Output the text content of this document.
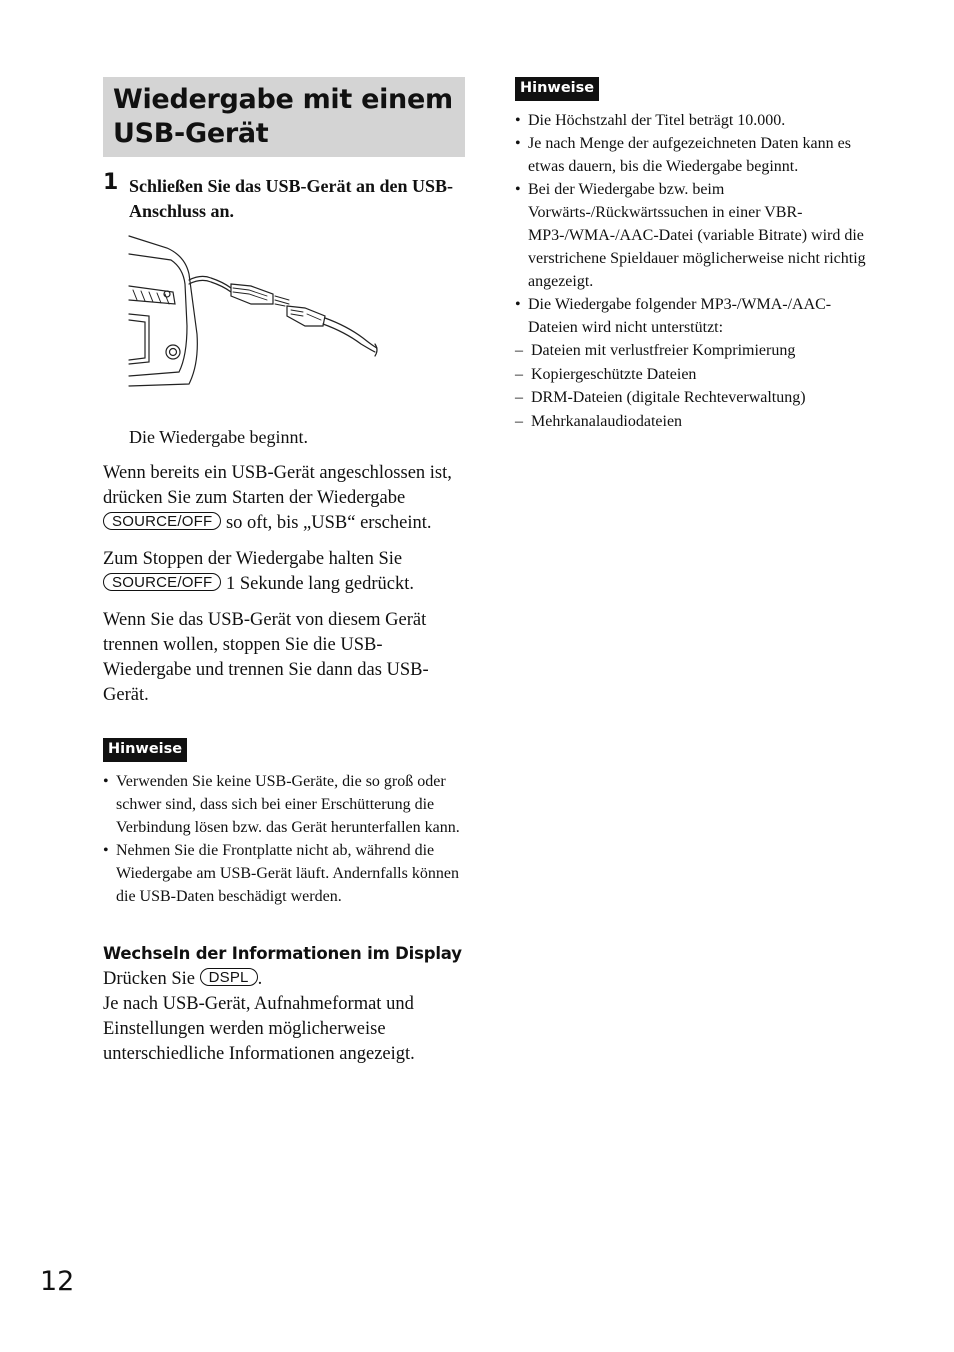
Wiedergabe mit einem USB-Gerät
1 Schließen Sie das USB-Gerät an den USB-Anschluss an.

Die Wiedergabe beginnt.

Wenn bereits ein USB-Gerät angeschlossen ist, drücken Sie zum Starten der Wiedergabe SOURCE/OFF so oft, bis „USB“ erscheint.

Zum Stoppen der Wiedergabe halten Sie SOURCE/OFF 1 Sekunde lang gedrückt.

Wenn Sie das USB-Gerät von diesem Gerät trennen wollen, stoppen Sie die USB-Wiedergabe und trennen Sie dann das USB-Gerät.

Hinweise
• Verwenden Sie keine USB-Geräte, die so groß oder schwer sind, dass sich bei einer Erschütterung die Verbindung lösen bzw. das Gerät herunterfallen kann.
• Nehmen Sie die Frontplatte nicht ab, während die Wiedergabe am USB-Gerät läuft. Andernfalls können die USB-Daten beschädigt werden.
Wechseln der Informationen im Display

Drücken Sie DSPL .

Je nach USB-Gerät, Aufnahmeformat und Einstellungen werden möglicherweise unterschiedliche Informationen angezeigt.

Hinweise
• Die Höchstzahl der Titel beträgt 10.000.
• Je nach Menge der aufgezeichneten Daten kann es etwas dauern, bis die Wiedergabe beginnt.
• Bei der Wiedergabe bzw. beim Vorwärts-/Rückwärtssuchen in einer VBR-MP3-/WMA-/AAC-Datei (variable Bitrate) wird die verstrichene Spieldauer möglicherweise nicht richtig angezeigt.
• Die Wiedergabe folgender MP3-/WMA-/AAC-Dateien wird nicht unterstützt:
– Dateien mit verlustfreier Komprimierung
– Kopiergeschützte Dateien
– DRM-Dateien (digitale Rechteverwaltung)
– Mehrkanalaudiodateien
12
